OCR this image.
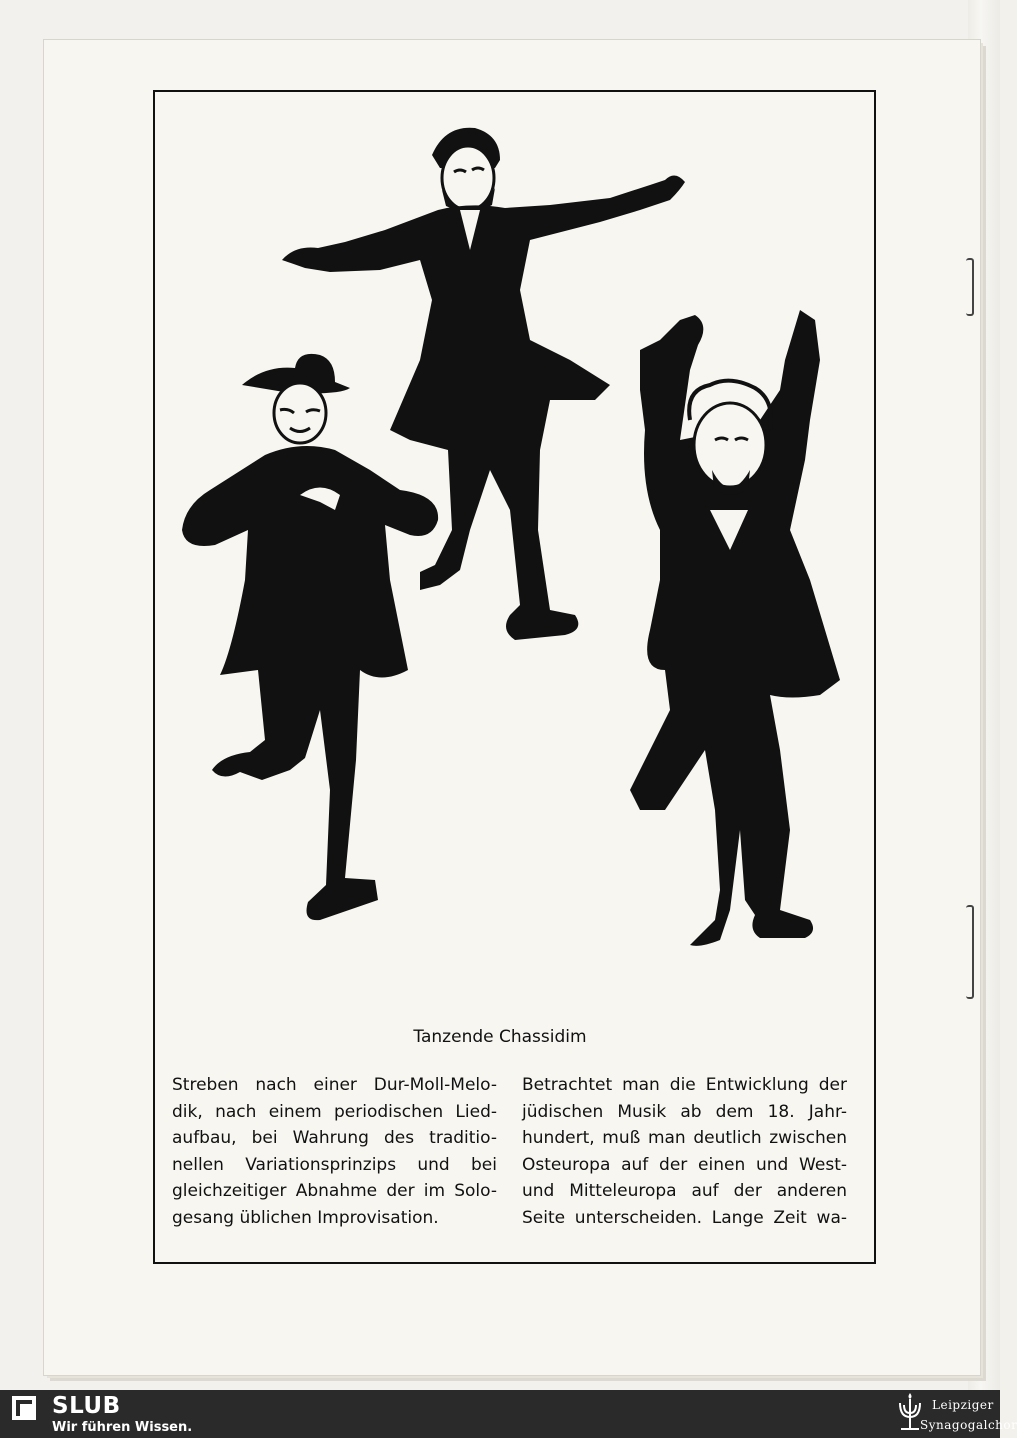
Tanzende Chassidim
Streben nach einer Dur-Moll-Melo-
dik, nach einem periodischen Lied-
aufbau, bei Wahrung des traditio-
nellen Variationsprinzips und bei
gleichzeitiger Abnahme der im Solo-
gesang üblichen Improvisation.
Betrachtet man die Entwicklung der
jüdischen Musik ab dem 18. Jahr-
hundert, muß man deutlich zwischen
Osteuropa auf der einen und West-
und Mitteleuropa auf der anderen
Seite unterscheiden. Lange Zeit wa-
SLUB
Wir führen Wissen.
Leipziger
Synagogalchor
